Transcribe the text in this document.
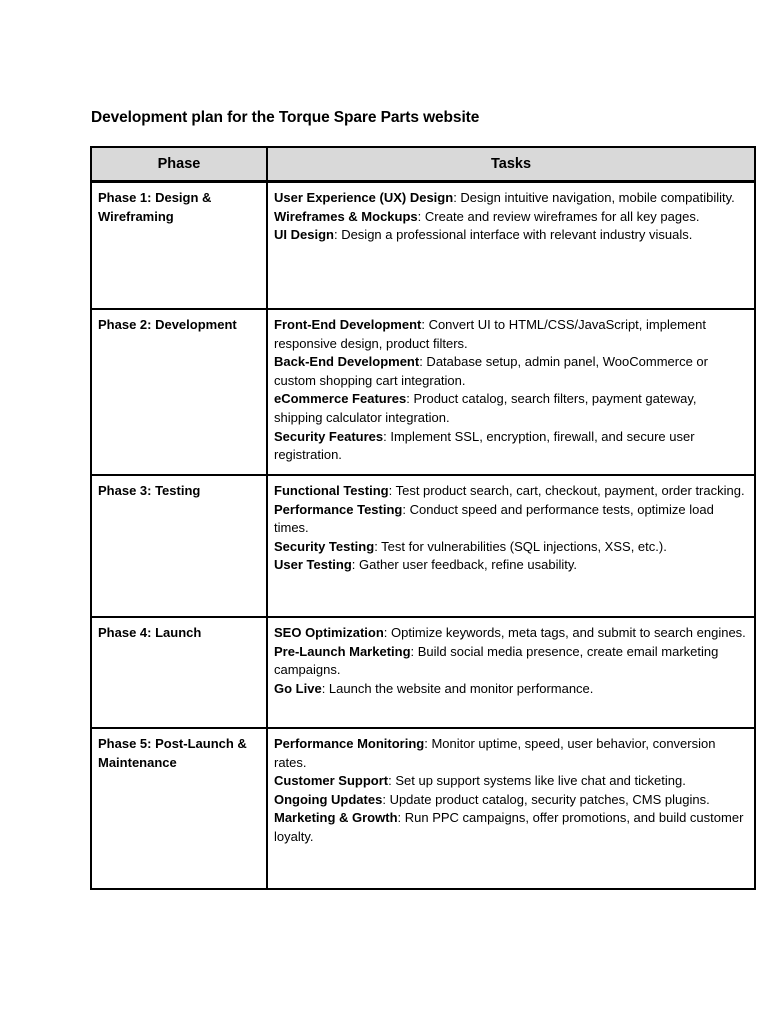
Development plan for the Torque Spare Parts website
Phase	Tasks
Phase 1: Design & Wireframing	User Experience (UX) Design: Design intuitive navigation, mobile compatibility.
Wireframes & Mockups: Create and review wireframes for all key pages.
UI Design: Design a professional interface with relevant industry visuals.

Phase 2: Development	Front-End Development: Convert UI to HTML/CSS/JavaScript, implement responsive design, product filters.
Back-End Development: Database setup, admin panel, WooCommerce or custom shopping cart integration.
eCommerce Features: Product catalog, search filters, payment gateway, shipping calculator integration.
Security Features: Implement SSL, encryption, firewall, and secure user registration.

Phase 3: Testing	Functional Testing: Test product search, cart, checkout, payment, order tracking.
Performance Testing: Conduct speed and performance tests, optimize load times.
Security Testing: Test for vulnerabilities (SQL injections, XSS, etc.).
User Testing: Gather user feedback, refine usability.

Phase 4: Launch	SEO Optimization: Optimize keywords, meta tags, and submit to search engines.
Pre-Launch Marketing: Build social media presence, create email marketing campaigns.
Go Live: Launch the website and monitor performance.

Phase 5: Post-Launch & Maintenance	Performance Monitoring: Monitor uptime, speed, user behavior, conversion rates.
Customer Support: Set up support systems like live chat and ticketing.
Ongoing Updates: Update product catalog, security patches, CMS plugins.
Marketing & Growth: Run PPC campaigns, offer promotions, and build customer loyalty.
